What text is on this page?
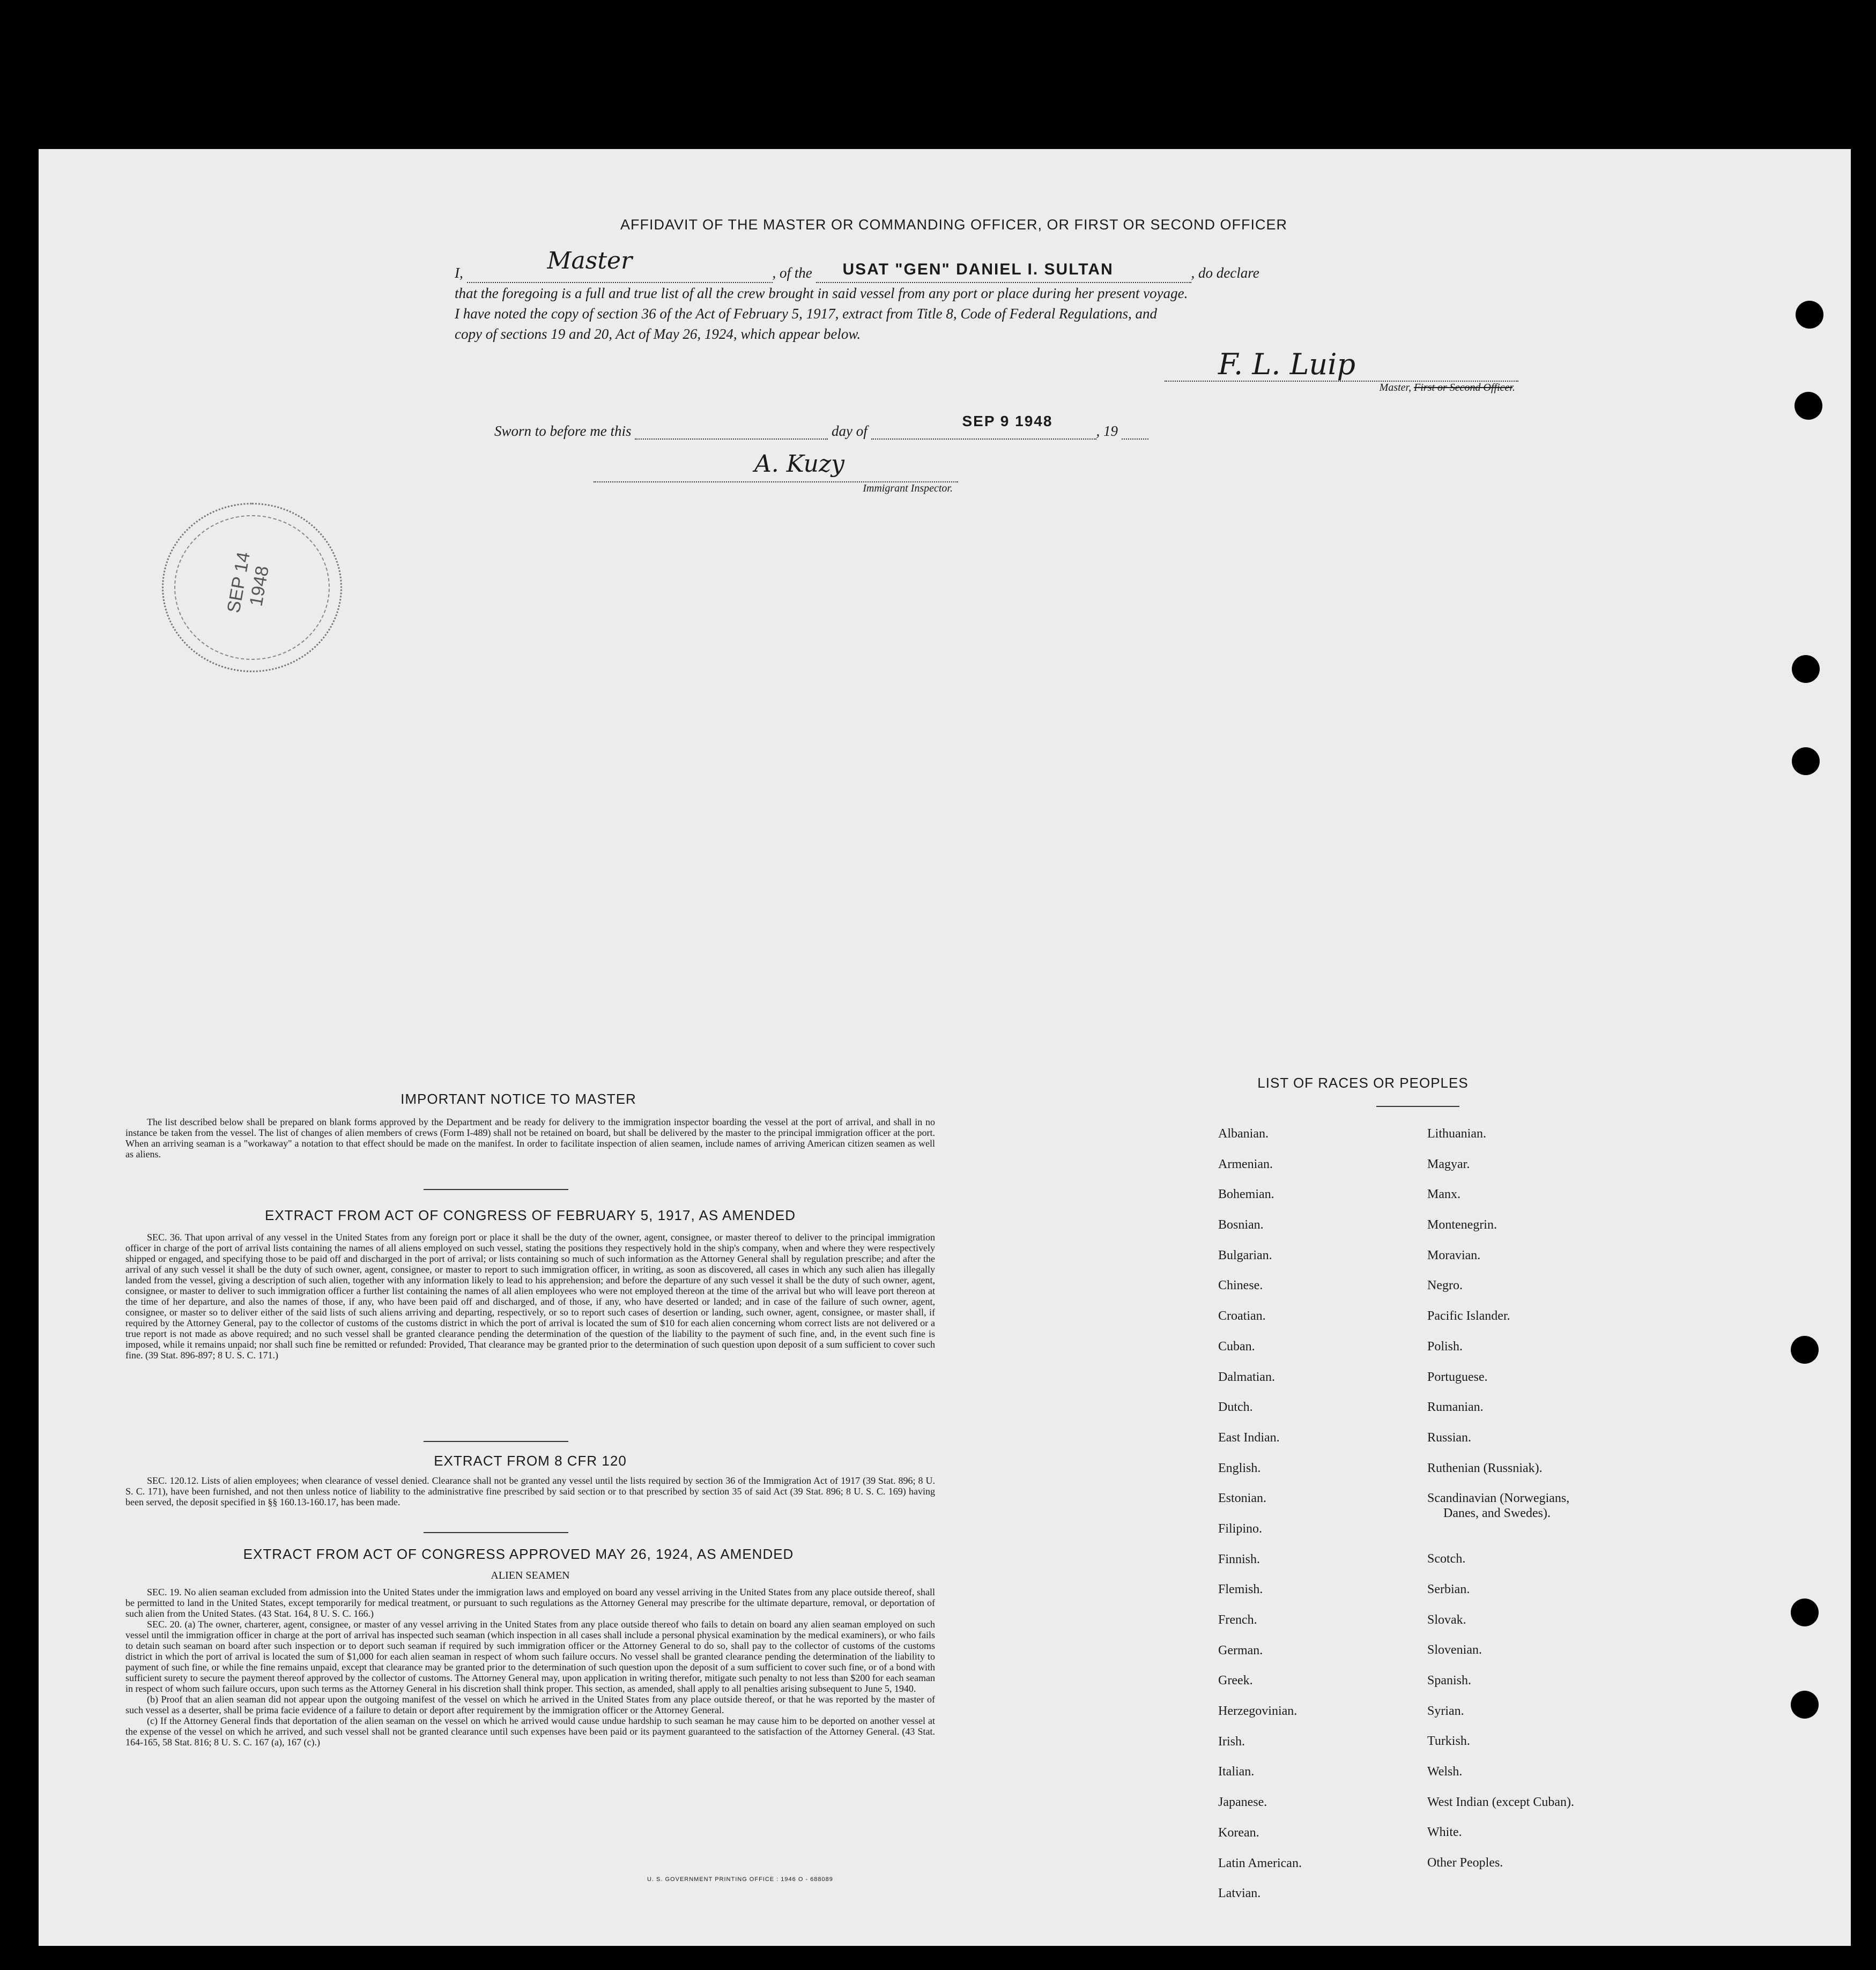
AFFIDAVIT OF THE MASTER OR COMMANDING OFFICER, OR FIRST OR SECOND OFFICER
I,	Master	, of the USAT "GEN" DANIEL I. SULTAN	, do declare
that the foregoing is a full and true list of all the crew brought in said vessel from any port or place during her present voyage.
I have noted the copy of section 36 of the Act of February 5, 1917, extract from Title 8, Code of Federal Regulations, and
copy of sections 19 and 20, Act of May 26, 1924, which appear below.
F. L. Luip
Master, First or Second Officer.
Sworn to before me this	day of
SEP 9 1948
, 19
A. Kuzy
Immigrant Inspector.
SEP 14 1948
IMPORTANT NOTICE TO MASTER
The list described below shall be prepared on blank forms approved by the Department and be ready for delivery to the immigration inspector boarding the vessel at the port of arrival, and shall in no instance be taken from the vessel. The list of changes of alien members of crews (Form I-489) shall not be retained on board, but shall be delivered by the master to the principal immigration officer at the port. When an arriving seaman is a "workaway" a notation to that effect should be made on the manifest. In order to facilitate inspection of alien seamen, include names of arriving American citizen seamen as well as aliens.
EXTRACT FROM ACT OF CONGRESS OF FEBRUARY 5, 1917, AS AMENDED
SEC. 36. That upon arrival of any vessel in the United States from any foreign port or place it shall be the duty of the owner, agent, consignee, or master thereof to deliver to the principal immigration officer in charge of the port of arrival lists containing the names of all aliens employed on such vessel, stating the positions they respectively hold in the ship's company, when and where they were respectively shipped or engaged, and specifying those to be paid off and discharged in the port of arrival; or lists containing so much of such information as the Attorney General shall by regulation prescribe; and after the arrival of any such vessel it shall be the duty of such owner, agent, consignee, or master to report to such immigration officer, in writing, as soon as discovered, all cases in which any such alien has illegally landed from the vessel, giving a description of such alien, together with any information likely to lead to his apprehension; and before the departure of any such vessel it shall be the duty of such owner, agent, consignee, or master to deliver to such immigration officer a further list containing the names of all alien employees who were not employed thereon at the time of the arrival but who will leave port thereon at the time of her departure, and also the names of those, if any, who have been paid off and discharged, and of those, if any, who have deserted or landed; and in case of the failure of such owner, agent, consignee, or master so to deliver either of the said lists of such aliens arriving and departing, respectively, or so to report such cases of desertion or landing, such owner, agent, consignee, or master shall, if required by the Attorney General, pay to the collector of customs of the customs district in which the port of arrival is located the sum of $10 for each alien concerning whom correct lists are not delivered or a true report is not made as above required; and no such vessel shall be granted clearance pending the determination of the question of the liability to the payment of such fine, and, in the event such fine is imposed, while it remains unpaid; nor shall such fine be remitted or refunded: Provided, That clearance may be granted prior to the determination of such question upon deposit of a sum sufficient to cover such fine. (39 Stat. 896-897; 8 U. S. C. 171.)
EXTRACT FROM 8 CFR 120
SEC. 120.12. Lists of alien employees; when clearance of vessel denied. Clearance shall not be granted any vessel until the lists required by section 36 of the Immigration Act of 1917 (39 Stat. 896; 8 U. S. C. 171), have been furnished, and not then unless notice of liability to the administrative fine prescribed by said section or to that prescribed by section 35 of said Act (39 Stat. 896; 8 U. S. C. 169) having been served, the deposit specified in §§ 160.13-160.17, has been made.
EXTRACT FROM ACT OF CONGRESS APPROVED MAY 26, 1924, AS AMENDED
ALIEN SEAMEN
SEC. 19. No alien seaman excluded from admission into the United States under the immigration laws and employed on board any vessel arriving in the United States from any place outside thereof, shall be permitted to land in the United States, except temporarily for medical treatment, or pursuant to such regulations as the Attorney General may prescribe for the ultimate departure, removal, or deportation of such alien from the United States. (43 Stat. 164, 8 U. S. C. 166.)
SEC. 20. (a) The owner, charterer, agent, consignee, or master of any vessel arriving in the United States from any place outside thereof who fails to detain on board any alien seaman employed on such vessel until the immigration officer in charge at the port of arrival has inspected such seaman (which inspection in all cases shall include a personal physical examination by the medical examiners), or who fails to detain such seaman on board after such inspection or to deport such seaman if required by such immigration officer or the Attorney General to do so, shall pay to the collector of customs of the customs district in which the port of arrival is located the sum of $1,000 for each alien seaman in respect of whom such failure occurs. No vessel shall be granted clearance pending the determination of the liability to payment of such fine, or while the fine remains unpaid, except that clearance may be granted prior to the determination of such question upon the deposit of a sum sufficient to cover such fine, or of a bond with sufficient surety to secure the payment thereof approved by the collector of customs. The Attorney General may, upon application in writing therefor, mitigate such penalty to not less than $200 for each seaman in respect of whom such failure occurs, upon such terms as the Attorney General in his discretion shall think proper. This section, as amended, shall apply to all penalties arising subsequent to June 5, 1940.
(b) Proof that an alien seaman did not appear upon the outgoing manifest of the vessel on which he arrived in the United States from any place outside thereof, or that he was reported by the master of such vessel as a deserter, shall be prima facie evidence of a failure to detain or deport after requirement by the immigration officer or the Attorney General.
(c) If the Attorney General finds that deportation of the alien seaman on the vessel on which he arrived would cause undue hardship to such seaman he may cause him to be deported on another vessel at the expense of the vessel on which he arrived, and such vessel shall not be granted clearance until such expenses have been paid or its payment guaranteed to the satisfaction of the Attorney General. (43 Stat. 164-165, 58 Stat. 816; 8 U. S. C. 167 (a), 167 (c).)
U. S. GOVERNMENT PRINTING OFFICE : 1946 O - 688089
LIST OF RACES OR PEOPLES
Albanian.
Armenian.
Bohemian.
Bosnian.
Bulgarian.
Chinese.
Croatian.
Cuban.
Dalmatian.
Dutch.
East Indian.
English.
Estonian.
Filipino.
Finnish.
Flemish.
French.
German.
Greek.
Herzegovinian.
Irish.
Italian.
Japanese.
Korean.
Latin American.
Latvian.
Lithuanian.
Magyar.
Manx.
Montenegrin.
Moravian.
Negro.
Pacific Islander.
Polish.
Portuguese.
Rumanian.
Russian.
Ruthenian (Russniak).
Scandinavian (Norwegians,
Danes, and Swedes).
Scotch.
Serbian.
Slovak.
Slovenian.
Spanish.
Syrian.
Turkish.
Welsh.
West Indian (except Cuban).
White.
Other Peoples.
